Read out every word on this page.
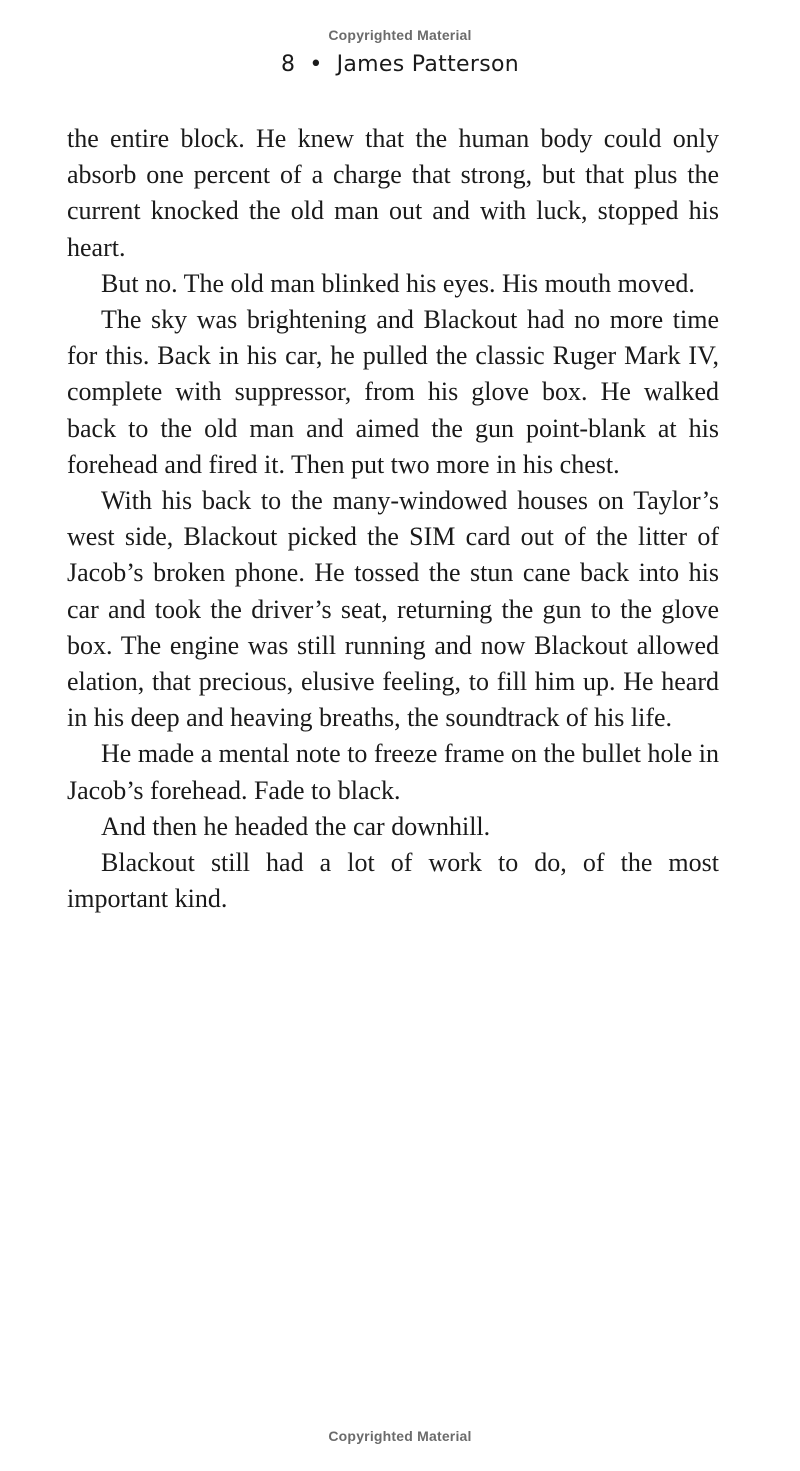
Copyrighted Material
8 • James Patterson

the entire block. He knew that the human body could only absorb one percent of a charge that strong, but that plus the current knocked the old man out and with luck, stopped his heart.

But no. The old man blinked his eyes. His mouth moved.

The sky was brightening and Blackout had no more time for this. Back in his car, he pulled the classic Ruger Mark IV, complete with suppressor, from his glove box. He walked back to the old man and aimed the gun point-blank at his forehead and fired it. Then put two more in his chest.

With his back to the many-windowed houses on Taylor’s west side, Blackout picked the SIM card out of the litter of Jacob’s broken phone. He tossed the stun cane back into his car and took the driver’s seat, returning the gun to the glove box. The engine was still running and now Blackout allowed elation, that precious, elusive feeling, to fill him up. He heard in his deep and heaving breaths, the soundtrack of his life.

He made a mental note to freeze frame on the bullet hole in Jacob’s forehead. Fade to black.

And then he headed the car downhill.

Blackout still had a lot of work to do, of the most important kind.

Copyrighted Material
